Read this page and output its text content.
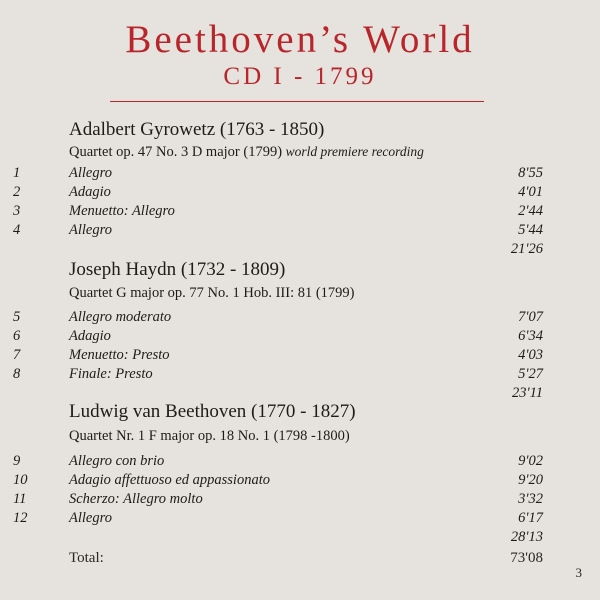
Beethoven’s World
CD I - 1799
Adalbert Gyrowetz (1763 - 1850)
Quartet op. 47 No. 3 D major (1799) world premiere recording
1	Allegro	8'55
2	Adagio	4'01
3	Menuetto: Allegro	2'44
4	Allegro	5'44
21'26
Joseph Haydn (1732 - 1809)
Quartet G major op. 77 No. 1 Hob. III: 81 (1799)
5	Allegro moderato	7'07
6	Adagio	6'34
7	Menuetto: Presto	4'03
8	Finale: Presto	5'27
23'11
Ludwig van Beethoven (1770 - 1827)
Quartet Nr. 1 F major op. 18 No. 1 (1798 -1800)
9	Allegro con brio	9'02
10	Adagio affettuoso ed appassionato	9'20
11	Scherzo: Allegro molto	3'32
12	Allegro	6'17
28'13
Total:	73'08
3
